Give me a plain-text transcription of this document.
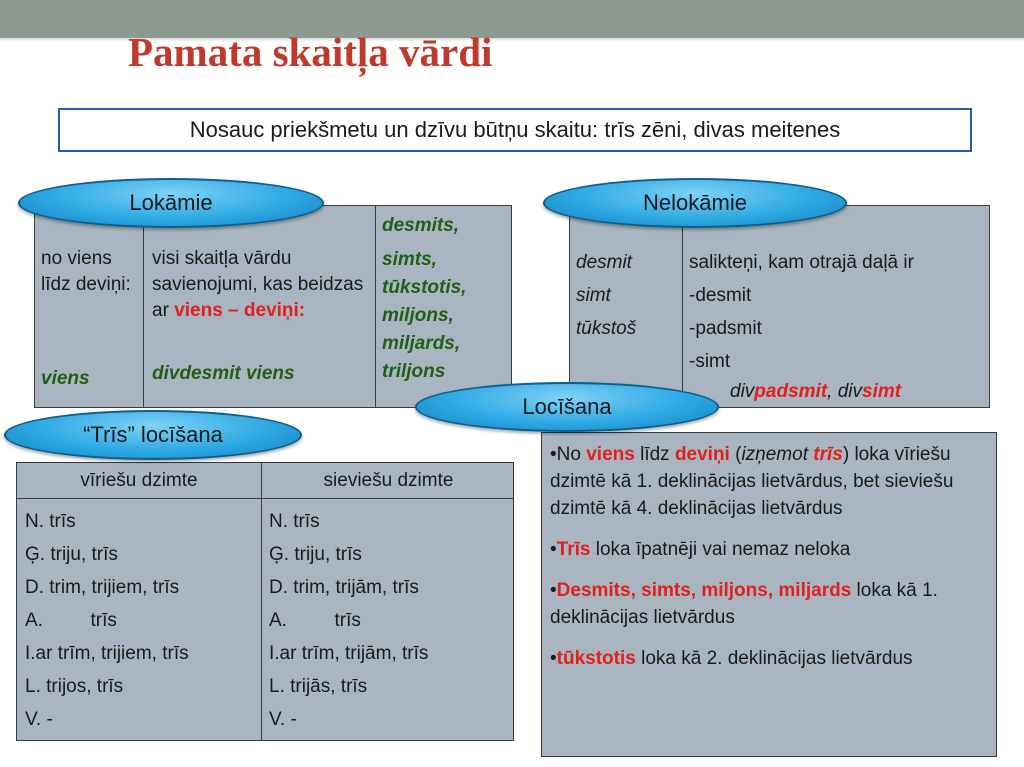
Pamata skaitļa vārdi
Nosauc priekšmetu un dzīvu būtņu skaitu: trīs zēni, divas meitenes
no viens līdz deviņi:
viens
visi skaitļa vārdu savienojumi, kas beidzas ar viens – deviņi:
divdesmit viens
desmits,
simts,
tūkstotis,
miljons,
miljards,
triljons
Lokāmie
desmit
simt
tūkstoš
salikteņi, kam otrajā daļā ir
-desmit
-padsmit
-simt
divpadsmit, divsimt
Nelokāmie
vīriešu dzimte	sieviešu dzimte
N. trīs
Ģ. triju, trīs
D. trim, trijiem, trīs
A.         trīs
I.ar trīm, trijiem, trīs
L. trijos, trīs
V. -
N. trīs
Ģ. triju, trīs
D. trim, trijām, trīs
A.         trīs
I.ar trīm, trijām, trīs
L. trijās, trīs
V. -
“Trīs” locīšana

•No viens līdz deviņi (izņemot trīs) loka vīriešu dzimtē kā 1. deklinācijas lietvārdus, bet sieviešu dzimtē kā 4. deklinācijas lietvārdus

•Trīs loka īpatnēji vai nemaz neloka

•Desmits, simts, miljons, miljards loka kā 1. deklinācijas lietvārdus

•tūkstotis loka kā 2. deklinācijas lietvārdus

Locīšana
